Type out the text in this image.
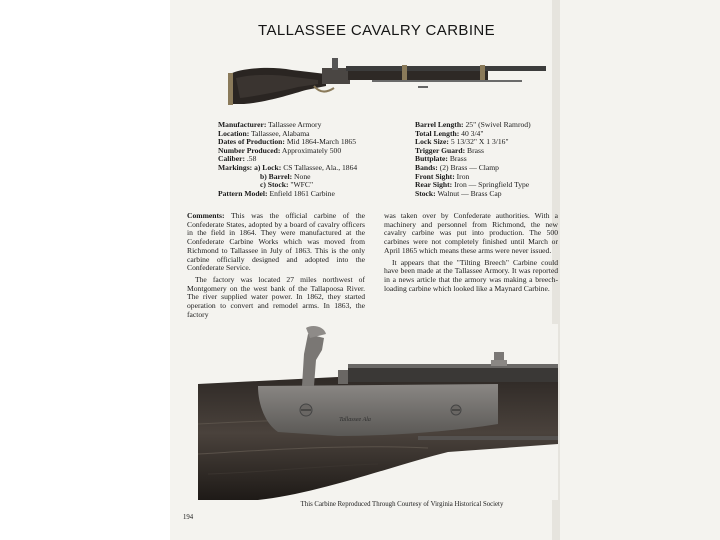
TALLASSEE CAVALRY CARBINE
Manufacturer: Tallassee Armory
Location: Tallassee, Alabama
Dates of Production: Mid 1864-March 1865
Number Produced: Approximately 500
Caliber: .58
Markings: a) Lock: CS Tallassee, Ala., 1864
b) Barrel: None
c) Stock: "WFC"
Pattern Model: Enfield 1861 Carbine
Barrel Length: 25" (Swivel Ramrod)
Total Length: 40 3/4"
Lock Size: 5 13/32" X 1 3/16"
Trigger Guard: Brass
Buttplate: Brass
Bands: (2) Brass — Clamp
Front Sight: Iron
Rear Sight: Iron — Springfield Type
Stock: Walnut — Brass Cap

Comments: This was the official carbine of the Confederate States, adopted by a board of cavalry officers in the field in 1864. They were manufactured at the Confederate Carbine Works which was moved from Richmond to Tallassee in July of 1863. This is the only carbine officially designed and adopted into the Confederate Service.

The factory was located 27 miles northwest of Montgomery on the west bank of the Tallapoosa River. The river supplied water power. In 1862, they started operation to convert and remodel arms. In 1863, the factory

was taken over by Confederate authorities. With a machinery and personnel from Richmond, the new cavalry carbine was put into production. The 500 carbines were not completely finished until March or April 1865 which means these arms were never issued.

It appears that the "Tilting Breech" Carbine could have been made at the Tallassee Armory. It was reported in a news article that the armory was making a breech-loading carbine which looked like a Maynard Carbine.

Tallassee Ala
This Carbine Reproduced Through Courtesy of Virginia Historical Society
194
